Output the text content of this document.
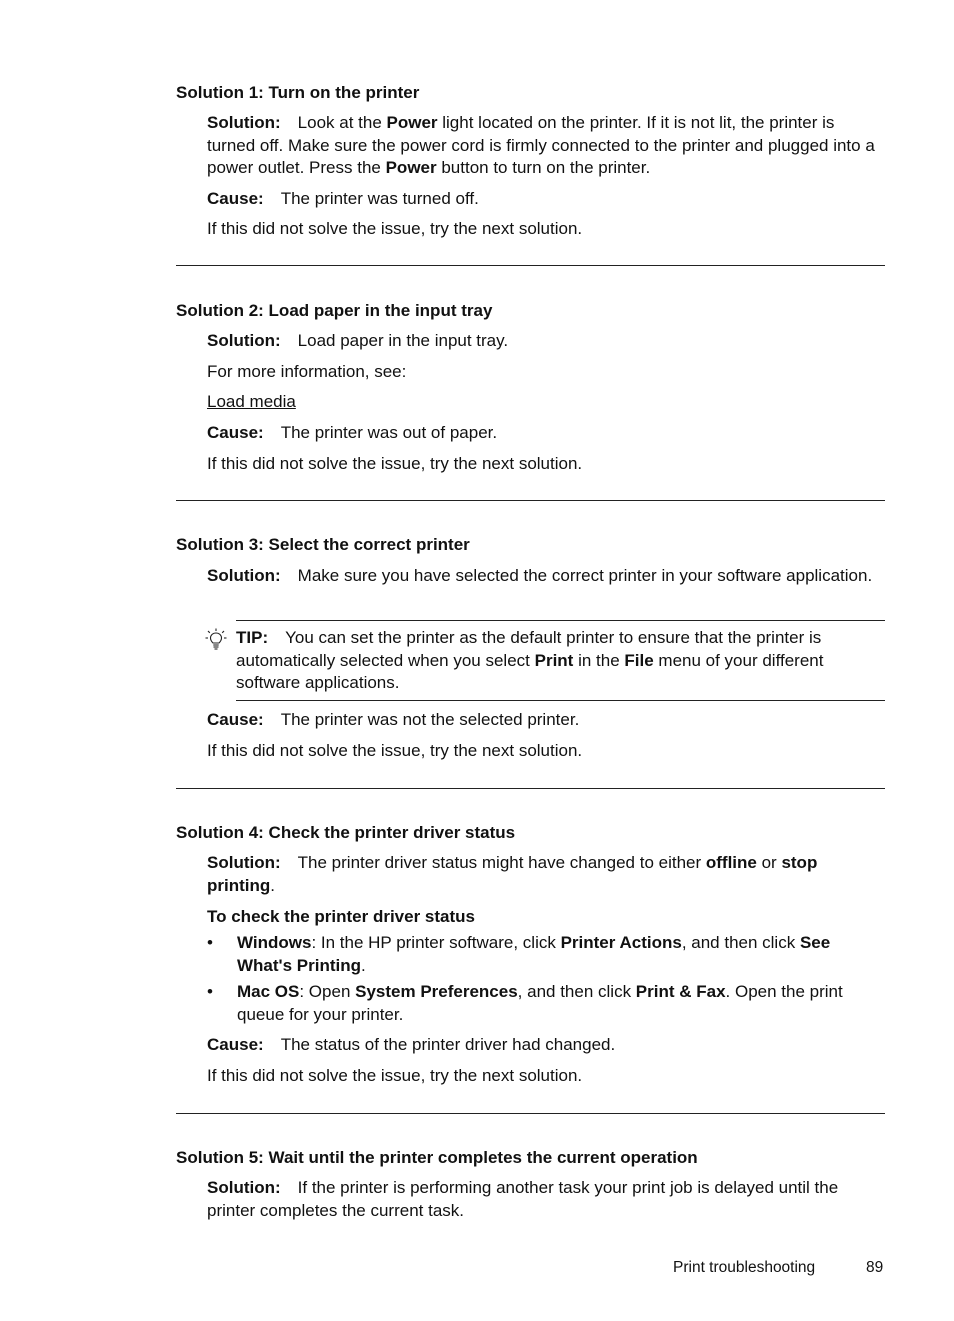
Solution 1: Turn on the printer
Solution: Look at the Power light located on the printer. If it is not lit, the printer is turned off. Make sure the power cord is firmly connected to the printer and plugged into a power outlet. Press the Power button to turn on the printer.
Cause: The printer was turned off.
If this did not solve the issue, try the next solution.
Solution 2: Load paper in the input tray
Solution: Load paper in the input tray.
For more information, see:
Load media
Cause: The printer was out of paper.
If this did not solve the issue, try the next solution.
Solution 3: Select the correct printer
Solution: Make sure you have selected the correct printer in your software application.
TIP: You can set the printer as the default printer to ensure that the printer is automatically selected when you select Print in the File menu of your different software applications.
Cause: The printer was not the selected printer.
If this did not solve the issue, try the next solution.
Solution 4: Check the printer driver status
Solution: The printer driver status might have changed to either offline or stop printing.
To check the printer driver status
• Windows: In the HP printer software, click Printer Actions, and then click See What's Printing.
• Mac OS: Open System Preferences, and then click Print & Fax. Open the print queue for your printer.
Cause: The status of the printer driver had changed.
If this did not solve the issue, try the next solution.
Solution 5: Wait until the printer completes the current operation
Solution: If the printer is performing another task your print job is delayed until the printer completes the current task.
Print troubleshooting	89
